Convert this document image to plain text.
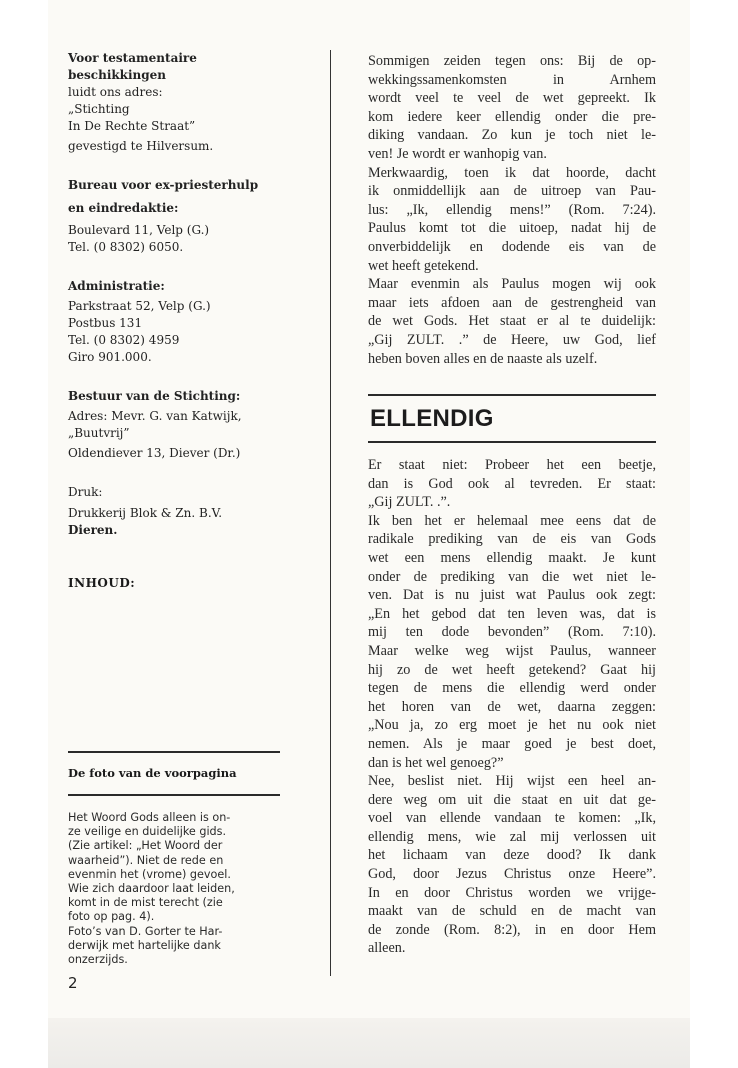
Voor testamentaire
beschikkingen
luidt ons adres:
„Stichting
In De Rechte Straat”
gevestigd te Hilversum.
Bureau voor ex-priesterhulp
en eindredaktie:
Boulevard 11, Velp (G.)
Tel. (0 8302) 6050.
Administratie:
Parkstraat 52, Velp (G.)
Postbus 131
Tel. (0 8302) 4959
Giro 901.000.
Bestuur van de Stichting:
Adres: Mevr. G. van Katwijk,
„Buutvrij”
Oldendiever 13, Diever (Dr.)
Druk:
Drukkerij Blok & Zn. B.V.
Dieren.
INHOUD:
De foto van de voorpagina
Het Woord Gods alleen is on-
ze veilige en duidelijke gids.
(Zie artikel: „Het Woord der
waarheid”). Niet de rede en
evenmin het (vrome) gevoel.
Wie zich daardoor laat leiden,
komt in de mist terecht (zie
foto op pag. 4).
Foto’s van D. Gorter te Har-
derwijk met hartelijke dank
onzerzijds.
2
Sommigen zeiden tegen ons: Bij de op-
wekkingssamenkomsten in Arnhem
wordt veel te veel de wet gepreekt. Ik
kom iedere keer ellendig onder die pre-
diking vandaan. Zo kun je toch niet le-
ven! Je wordt er wanhopig van.
Merkwaardig, toen ik dat hoorde, dacht
ik onmiddellijk aan de uitroep van Pau-
lus: „Ik, ellendig mens!” (Rom. 7:24).
Paulus komt tot die uitoep, nadat hij de
onverbiddelijk en dodende eis van de
wet heeft getekend.
Maar evenmin als Paulus mogen wij ook
maar iets afdoen aan de gestrengheid van
de wet Gods. Het staat er al te duidelijk:
„Gij ZULT. .” de Heere, uw God, lief
heben boven alles en de naaste als uzelf.
ELLENDIG
Er staat niet: Probeer het een beetje,
dan is God ook al tevreden. Er staat:
„Gij ZULT. .”.
Ik ben het er helemaal mee eens dat de
radikale prediking van de eis van Gods
wet een mens ellendig maakt. Je kunt
onder de prediking van die wet niet le-
ven. Dat is nu juist wat Paulus ook zegt:
„En het gebod dat ten leven was, dat is
mij ten dode bevonden” (Rom. 7:10).
Maar welke weg wijst Paulus, wanneer
hij zo de wet heeft getekend? Gaat hij
tegen de mens die ellendig werd onder
het horen van de wet, daarna zeggen:
„Nou ja, zo erg moet je het nu ook niet
nemen. Als je maar goed je best doet,
dan is het wel genoeg?”
Nee, beslist niet. Hij wijst een heel an-
dere weg om uit die staat en uit dat ge-
voel van ellende vandaan te komen: „Ik,
ellendig mens, wie zal mij verlossen uit
het lichaam van deze dood? Ik dank
God, door Jezus Christus onze Heere”.
In en door Christus worden we vrijge-
maakt van de schuld en de macht van
de zonde (Rom. 8:2), in en door Hem
alleen.
